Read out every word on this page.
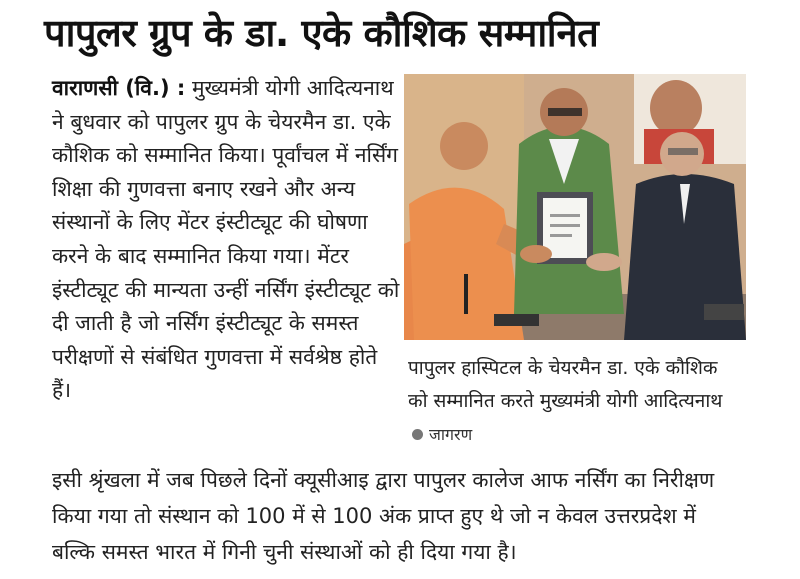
पापुलर ग्रुप के डा. एके कौशिक सम्मानित

वाराणसी (वि.) : मुख्यमंत्री योगी आदित्यनाथ ने बुधवार को पापुलर ग्रुप के चेयरमैन डा. एके कौशिक को सम्मानित किया। पूर्वांचल में नर्सिंग शिक्षा की गुणवत्ता बनाए रखने और अन्य संस्थानों के लिए मेंटर इंस्टीट्यूट की घोषणा करने के बाद सम्मानित किया गया। मेंटर इंस्टीट्यूट की मान्यता उन्हीं नर्सिंग इंस्टीट्यूट को दी जाती है जो नर्सिंग इंस्टीट्यूट के समस्त परीक्षणों से संबंधित गुणवत्ता में सर्वश्रेष्ठ होते हैं।

पापुलर हास्पिटल के चेयरमैन डा. एके कौशिक को सम्मानित करते मुख्यमंत्री योगी आदित्यनाथजागरण

इसी श्रृंखला में जब पिछले दिनों क्यूसीआइ द्वारा पापुलर कालेज आफ नर्सिंग का निरीक्षण किया गया तो संस्थान को 100 में से 100 अंक प्राप्त हुए थे जो न केवल उत्तरप्रदेश में बल्कि समस्त भारत में गिनी चुनी संस्थाओं को ही दिया गया है।
